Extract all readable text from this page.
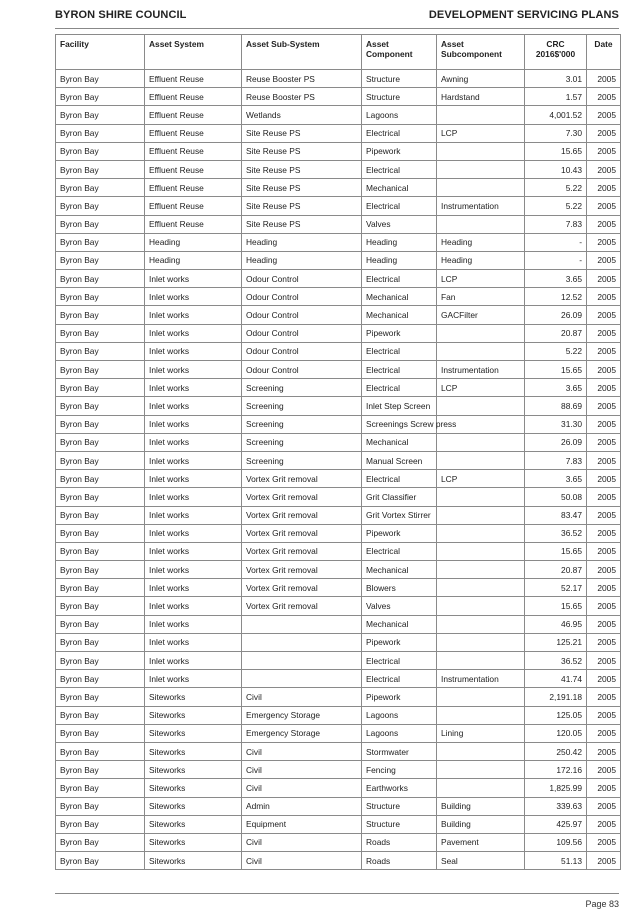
BYRON SHIRE COUNCIL	DEVELOPMENT SERVICING PLANS
Facility	Asset System	Asset Sub-System	Asset Component	Asset Subcomponent	CRC 2016$'000	Date
Byron Bay	Effluent Reuse	Reuse Booster PS	Structure	Awning	3.01	2005
Byron Bay	Effluent Reuse	Reuse Booster PS	Structure	Hardstand	1.57	2005
Byron Bay	Effluent Reuse	Wetlands	Lagoons		4,001.52	2005
Byron Bay	Effluent Reuse	Site Reuse PS	Electrical	LCP	7.30	2005
Byron Bay	Effluent Reuse	Site Reuse PS	Pipework		15.65	2005
Byron Bay	Effluent Reuse	Site Reuse PS	Electrical		10.43	2005
Byron Bay	Effluent Reuse	Site Reuse PS	Mechanical		5.22	2005
Byron Bay	Effluent Reuse	Site Reuse PS	Electrical	Instrumentation	5.22	2005
Byron Bay	Effluent Reuse	Site Reuse PS	Valves		7.83	2005
Byron Bay	Heading	Heading	Heading	Heading	-	2005
Byron Bay	Heading	Heading	Heading	Heading	-	2005
Byron Bay	Inlet works	Odour Control	Electrical	LCP	3.65	2005
Byron Bay	Inlet works	Odour Control	Mechanical	Fan	12.52	2005
Byron Bay	Inlet works	Odour Control	Mechanical	GACFilter	26.09	2005
Byron Bay	Inlet works	Odour Control	Pipework		20.87	2005
Byron Bay	Inlet works	Odour Control	Electrical		5.22	2005
Byron Bay	Inlet works	Odour Control	Electrical	Instrumentation	15.65	2005
Byron Bay	Inlet works	Screening	Electrical	LCP	3.65	2005
Byron Bay	Inlet works	Screening	Inlet Step Screen		88.69	2005
Byron Bay	Inlet works	Screening	Screenings Screw press		31.30	2005
Byron Bay	Inlet works	Screening	Mechanical		26.09	2005
Byron Bay	Inlet works	Screening	Manual Screen		7.83	2005
Byron Bay	Inlet works	Vortex Grit removal	Electrical	LCP	3.65	2005
Byron Bay	Inlet works	Vortex Grit removal	Grit Classifier		50.08	2005
Byron Bay	Inlet works	Vortex Grit removal	Grit Vortex Stirrer		83.47	2005
Byron Bay	Inlet works	Vortex Grit removal	Pipework		36.52	2005
Byron Bay	Inlet works	Vortex Grit removal	Electrical		15.65	2005
Byron Bay	Inlet works	Vortex Grit removal	Mechanical		20.87	2005
Byron Bay	Inlet works	Vortex Grit removal	Blowers		52.17	2005
Byron Bay	Inlet works	Vortex Grit removal	Valves		15.65	2005
Byron Bay	Inlet works		Mechanical		46.95	2005
Byron Bay	Inlet works		Pipework		125.21	2005
Byron Bay	Inlet works		Electrical		36.52	2005
Byron Bay	Inlet works		Electrical	Instrumentation	41.74	2005
Byron Bay	Siteworks	Civil	Pipework		2,191.18	2005
Byron Bay	Siteworks	Emergency Storage	Lagoons		125.05	2005
Byron Bay	Siteworks	Emergency Storage	Lagoons	Lining	120.05	2005
Byron Bay	Siteworks	Civil	Stormwater		250.42	2005
Byron Bay	Siteworks	Civil	Fencing		172.16	2005
Byron Bay	Siteworks	Civil	Earthworks		1,825.99	2005
Byron Bay	Siteworks	Admin	Structure	Building	339.63	2005
Byron Bay	Siteworks	Equipment	Structure	Building	425.97	2005
Byron Bay	Siteworks	Civil	Roads	Pavement	109.56	2005
Byron Bay	Siteworks	Civil	Roads	Seal	51.13	2005
Page 83
